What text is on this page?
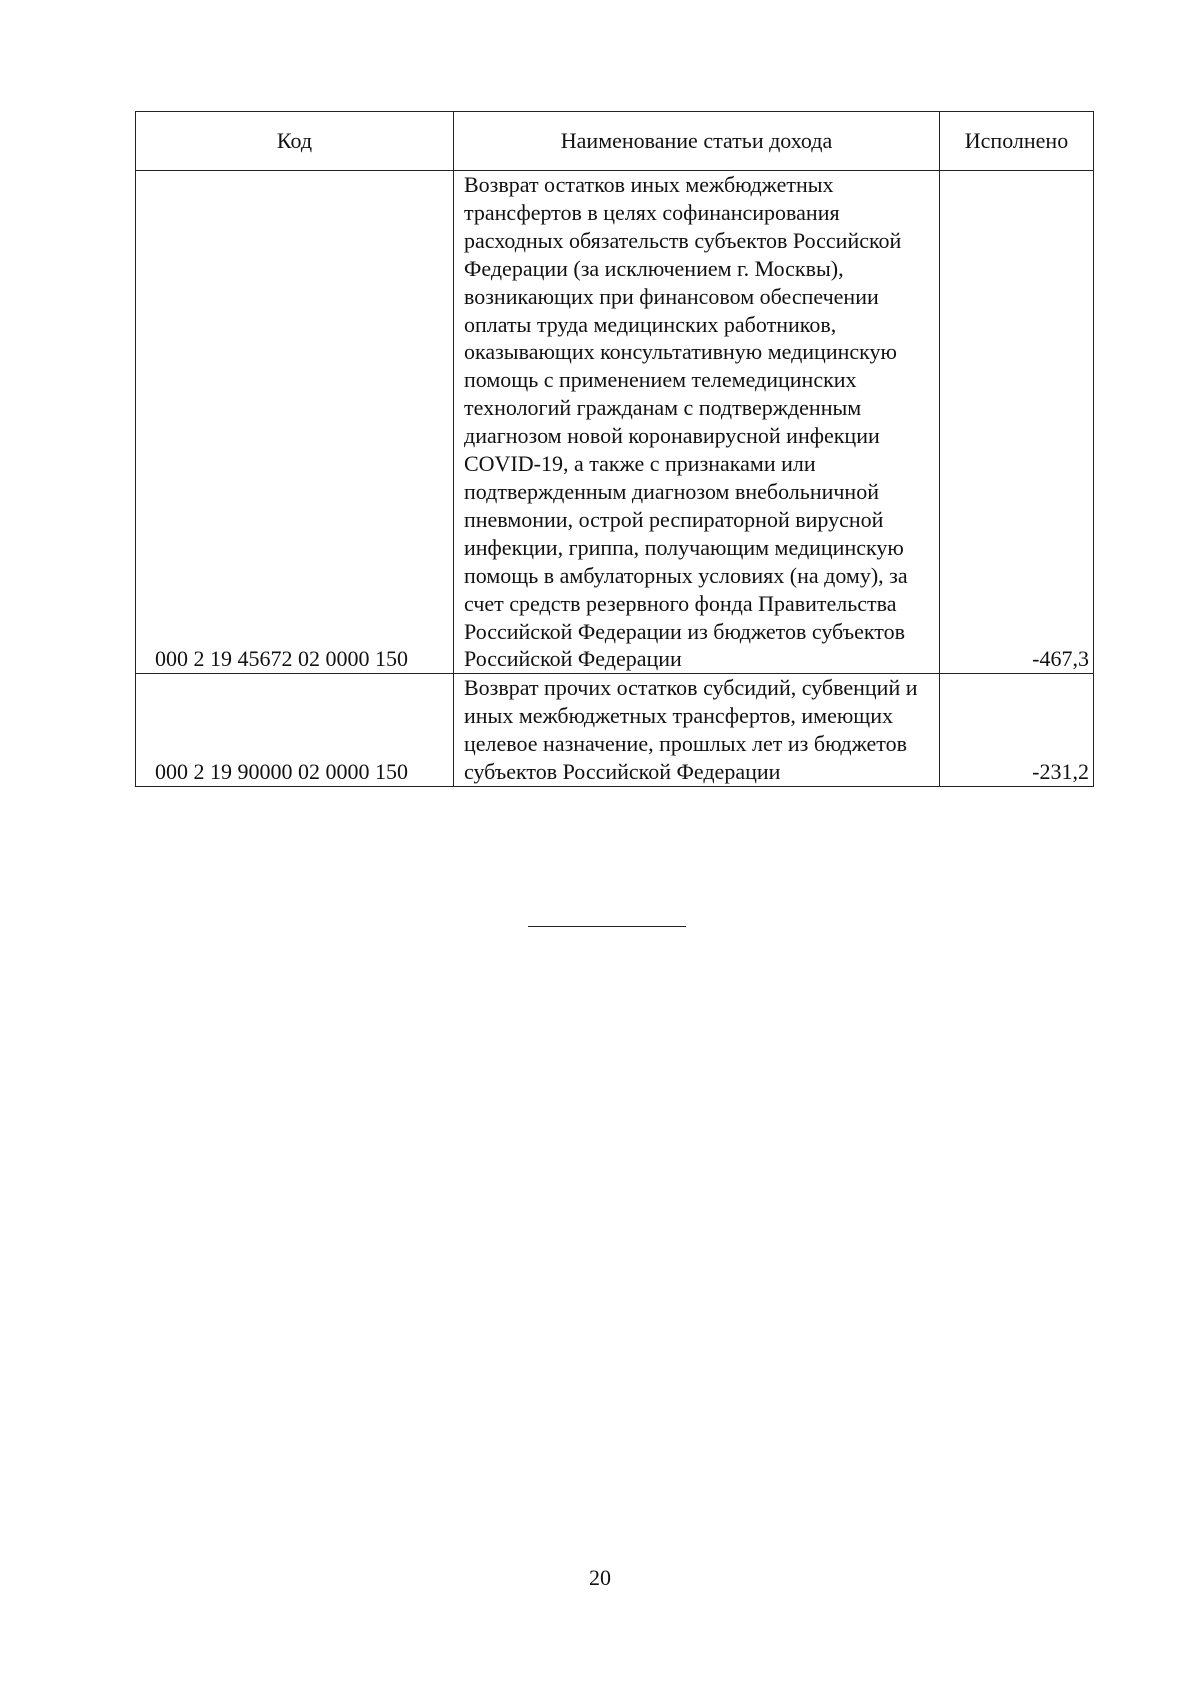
Код	Наименование статьи дохода	Исполнено
000 2 19 45672 02 0000 150	Возврат остатков иных межбюджетных трансфертов в целях софинансирования расходных обязательств субъектов Российской Федерации (за исключением г. Москвы), возникающих при финансовом обеспечении оплаты труда медицинских работников, оказывающих консультативную медицинскую помощь с применением телемедицинских технологий гражданам с подтвержденным диагнозом новой коронавирусной инфекции COVID-19, а также с признаками или подтвержденным диагнозом внебольничной пневмонии, острой респираторной вирусной инфекции, гриппа, получающим медицинскую помощь в амбулаторных условиях (на дому), за счет средств резервного фонда Правительства Российской Федерации из бюджетов субъектов Российской Федерации	-467,3
000 2 19 90000 02 0000 150	Возврат прочих остатков субсидий, субвенций и иных межбюджетных трансфертов, имеющих целевое назначение, прошлых лет из бюджетов субъектов Российской Федерации	-231,2
20
